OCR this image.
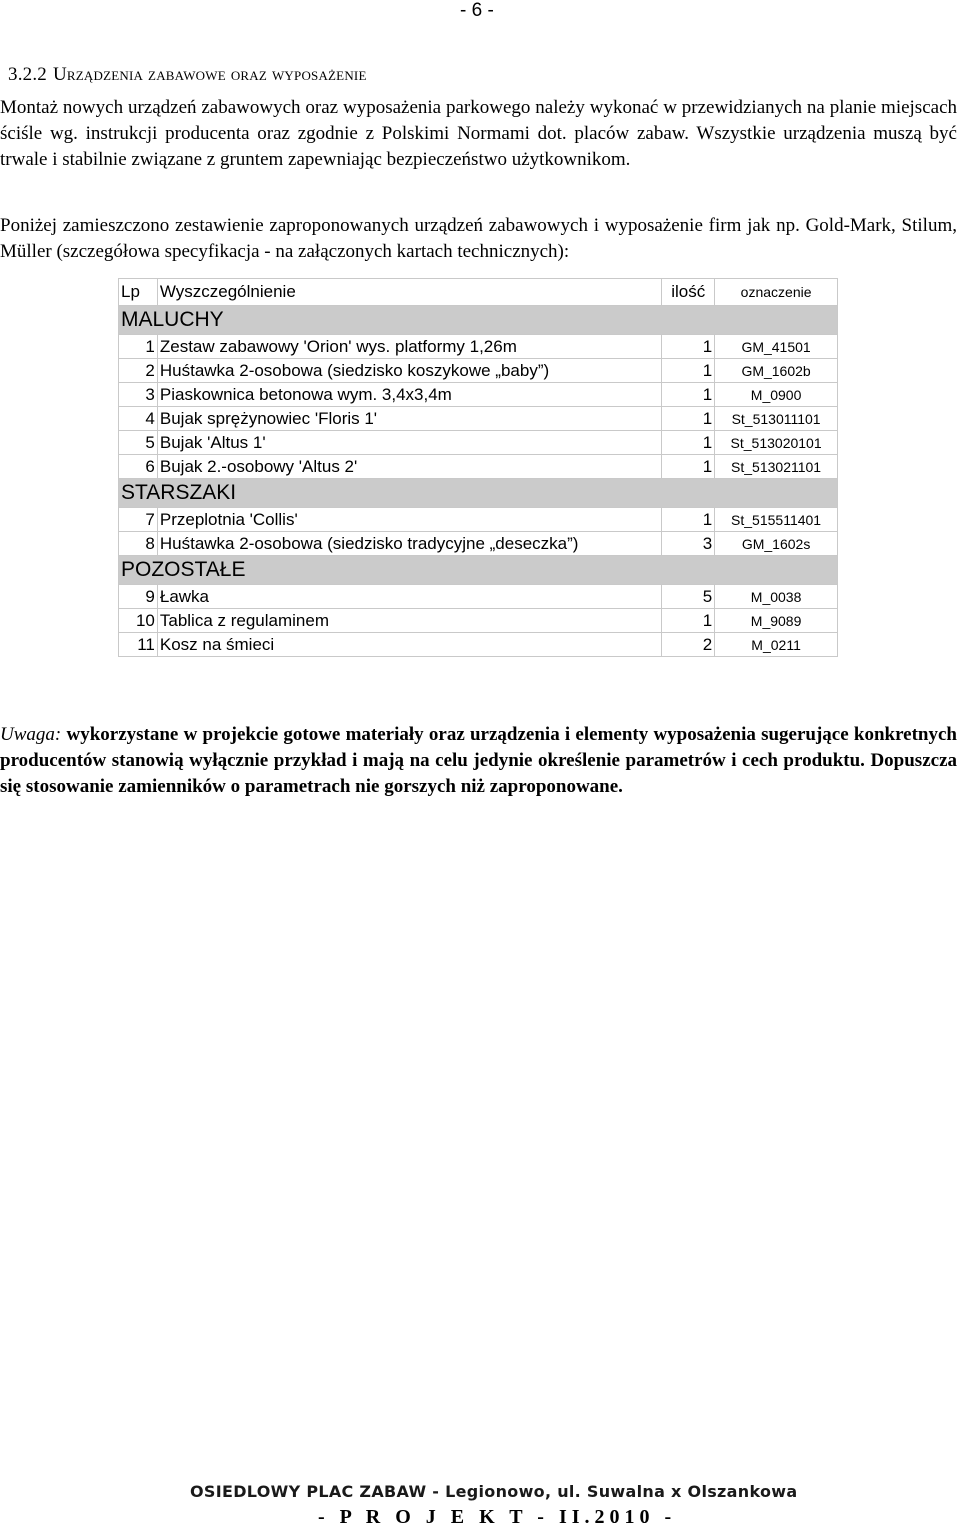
- 6 -
3.2.2 Urządzenia zabawowe oraz wyposażenie
Montaż nowych urządzeń zabawowych oraz wyposażenia parkowego należy wykonać w przewidzianych na planie miejscach ściśle wg. instrukcji producenta oraz zgodnie z Polskimi Normami dot. placów zabaw. Wszystkie urządzenia muszą być trwale i stabilnie związane z gruntem zapewniając bezpieczeństwo użytkownikom.
Poniżej zamieszczono zestawienie zaproponowanych urządzeń zabawowych i wyposażenie firm jak np. Gold-Mark, Stilum, Müller (szczegółowa specyfikacja - na załączonych kartach technicznych):
Lp	Wyszczególnienie	ilość	oznaczenie
MALUCHY			
1	Zestaw zabawowy 'Orion' wys. platformy 1,26m	1	GM_41501
2	Huśtawka 2-osobowa (siedzisko koszykowe „baby”)	1	GM_1602b
3	Piaskownica betonowa wym. 3,4x3,4m	1	M_0900
4	Bujak sprężynowiec 'Floris 1'	1	St_513011101
5	Bujak 'Altus 1'	1	St_513020101
6	Bujak 2.-osobowy 'Altus 2'	1	St_513021101
STARSZAKI			
7	Przeplotnia 'Collis'	1	St_515511401
8	Huśtawka 2-osobowa (siedzisko tradycyjne „deseczka”)	3	GM_1602s
POZOSTAŁE			
9	Ławka	5	M_0038
10	Tablica z regulaminem	1	M_9089
11	Kosz na śmieci	2	M_0211
Uwaga: wykorzystane w projekcie gotowe materiały oraz urządzenia i elementy wyposażenia sugerujące konkretnych producentów stanowią wyłącznie przykład i mają na celu jedynie określenie parametrów i cech produktu. Dopuszcza się stosowanie zamienników o parametrach nie gorszych niż zaproponowane.
OSIEDLOWY PLAC ZABAW - Legionowo, ul. Suwalna x Olszankowa
- P R O J E K T - II.2010 -
